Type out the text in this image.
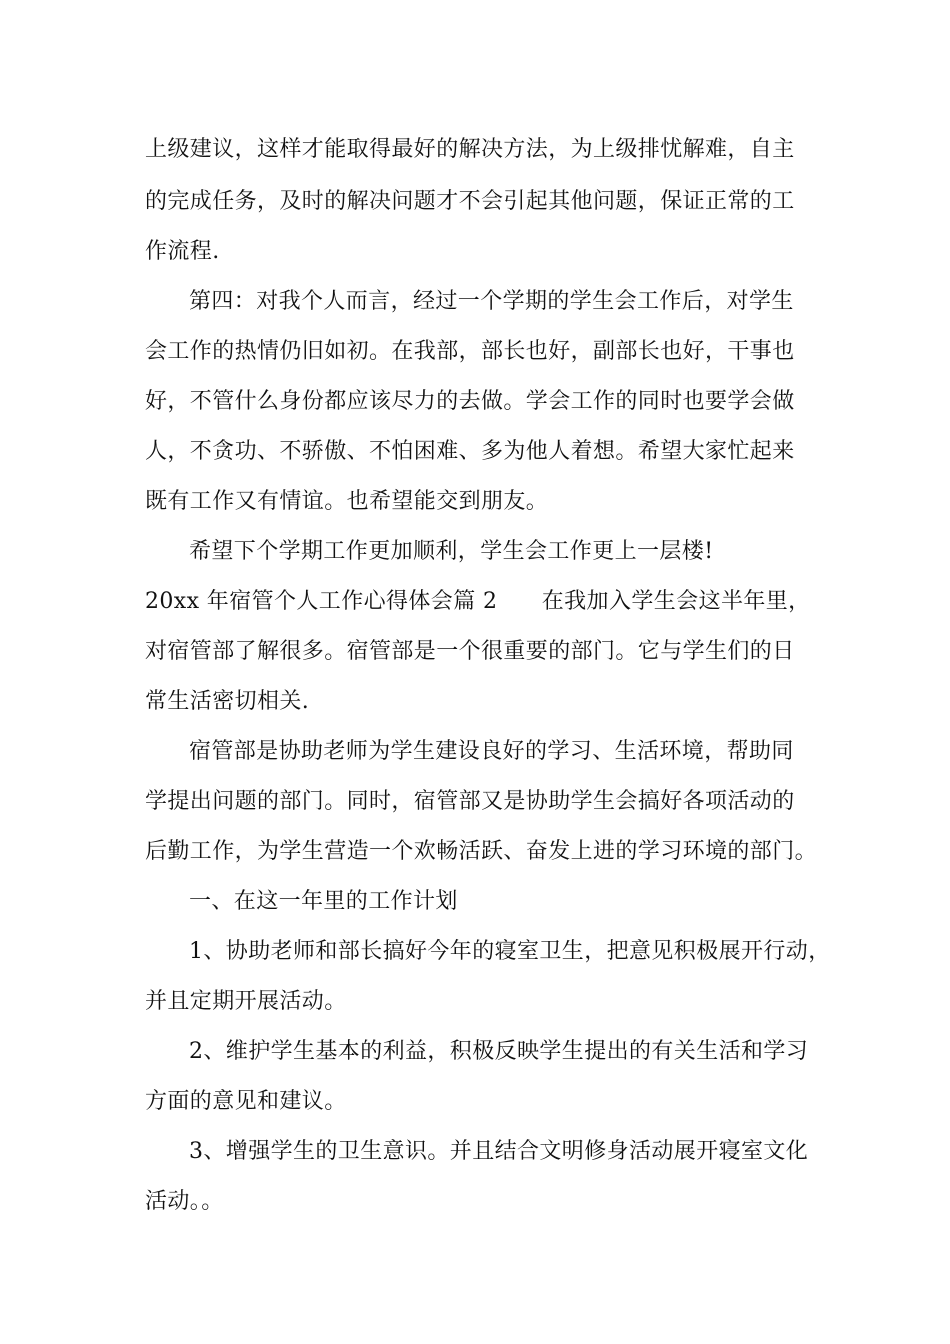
上级建议，这样才能取得最好的解决方法，为上级排忧解难，自主
的完成任务，及时的解决问题才不会引起其他问题，保证正常的工
作流程.
第四：对我个人而言，经过一个学期的学生会工作后，对学生
会工作的热情仍旧如初。在我部，部长也好，副部长也好，干事也
好，不管什么身份都应该尽力的去做。学会工作的同时也要学会做
人，不贪功、不骄傲、不怕困难、多为他人着想。希望大家忙起来
既有工作又有情谊。也希望能交到朋友。
希望下个学期工作更加顺利，学生会工作更上一层楼!
20xx 年宿管个人工作心得体会篇 2      在我加入学生会这半年里，
对宿管部了解很多。宿管部是一个很重要的部门。它与学生们的日
常生活密切相关.
宿管部是协助老师为学生建设良好的学习、生活环境，帮助同
学提出问题的部门。同时，宿管部又是协助学生会搞好各项活动的
后勤工作，为学生营造一个欢畅活跃、奋发上进的学习环境的部门。
一、在这一年里的工作计划
1、协助老师和部长搞好今年的寝室卫生，把意见积极展开行动，
并且定期开展活动。
2、维护学生基本的利益，积极反映学生提出的有关生活和学习
方面的意见和建议。
3、增强学生的卫生意识。并且结合文明修身活动展开寝室文化
活动。。
